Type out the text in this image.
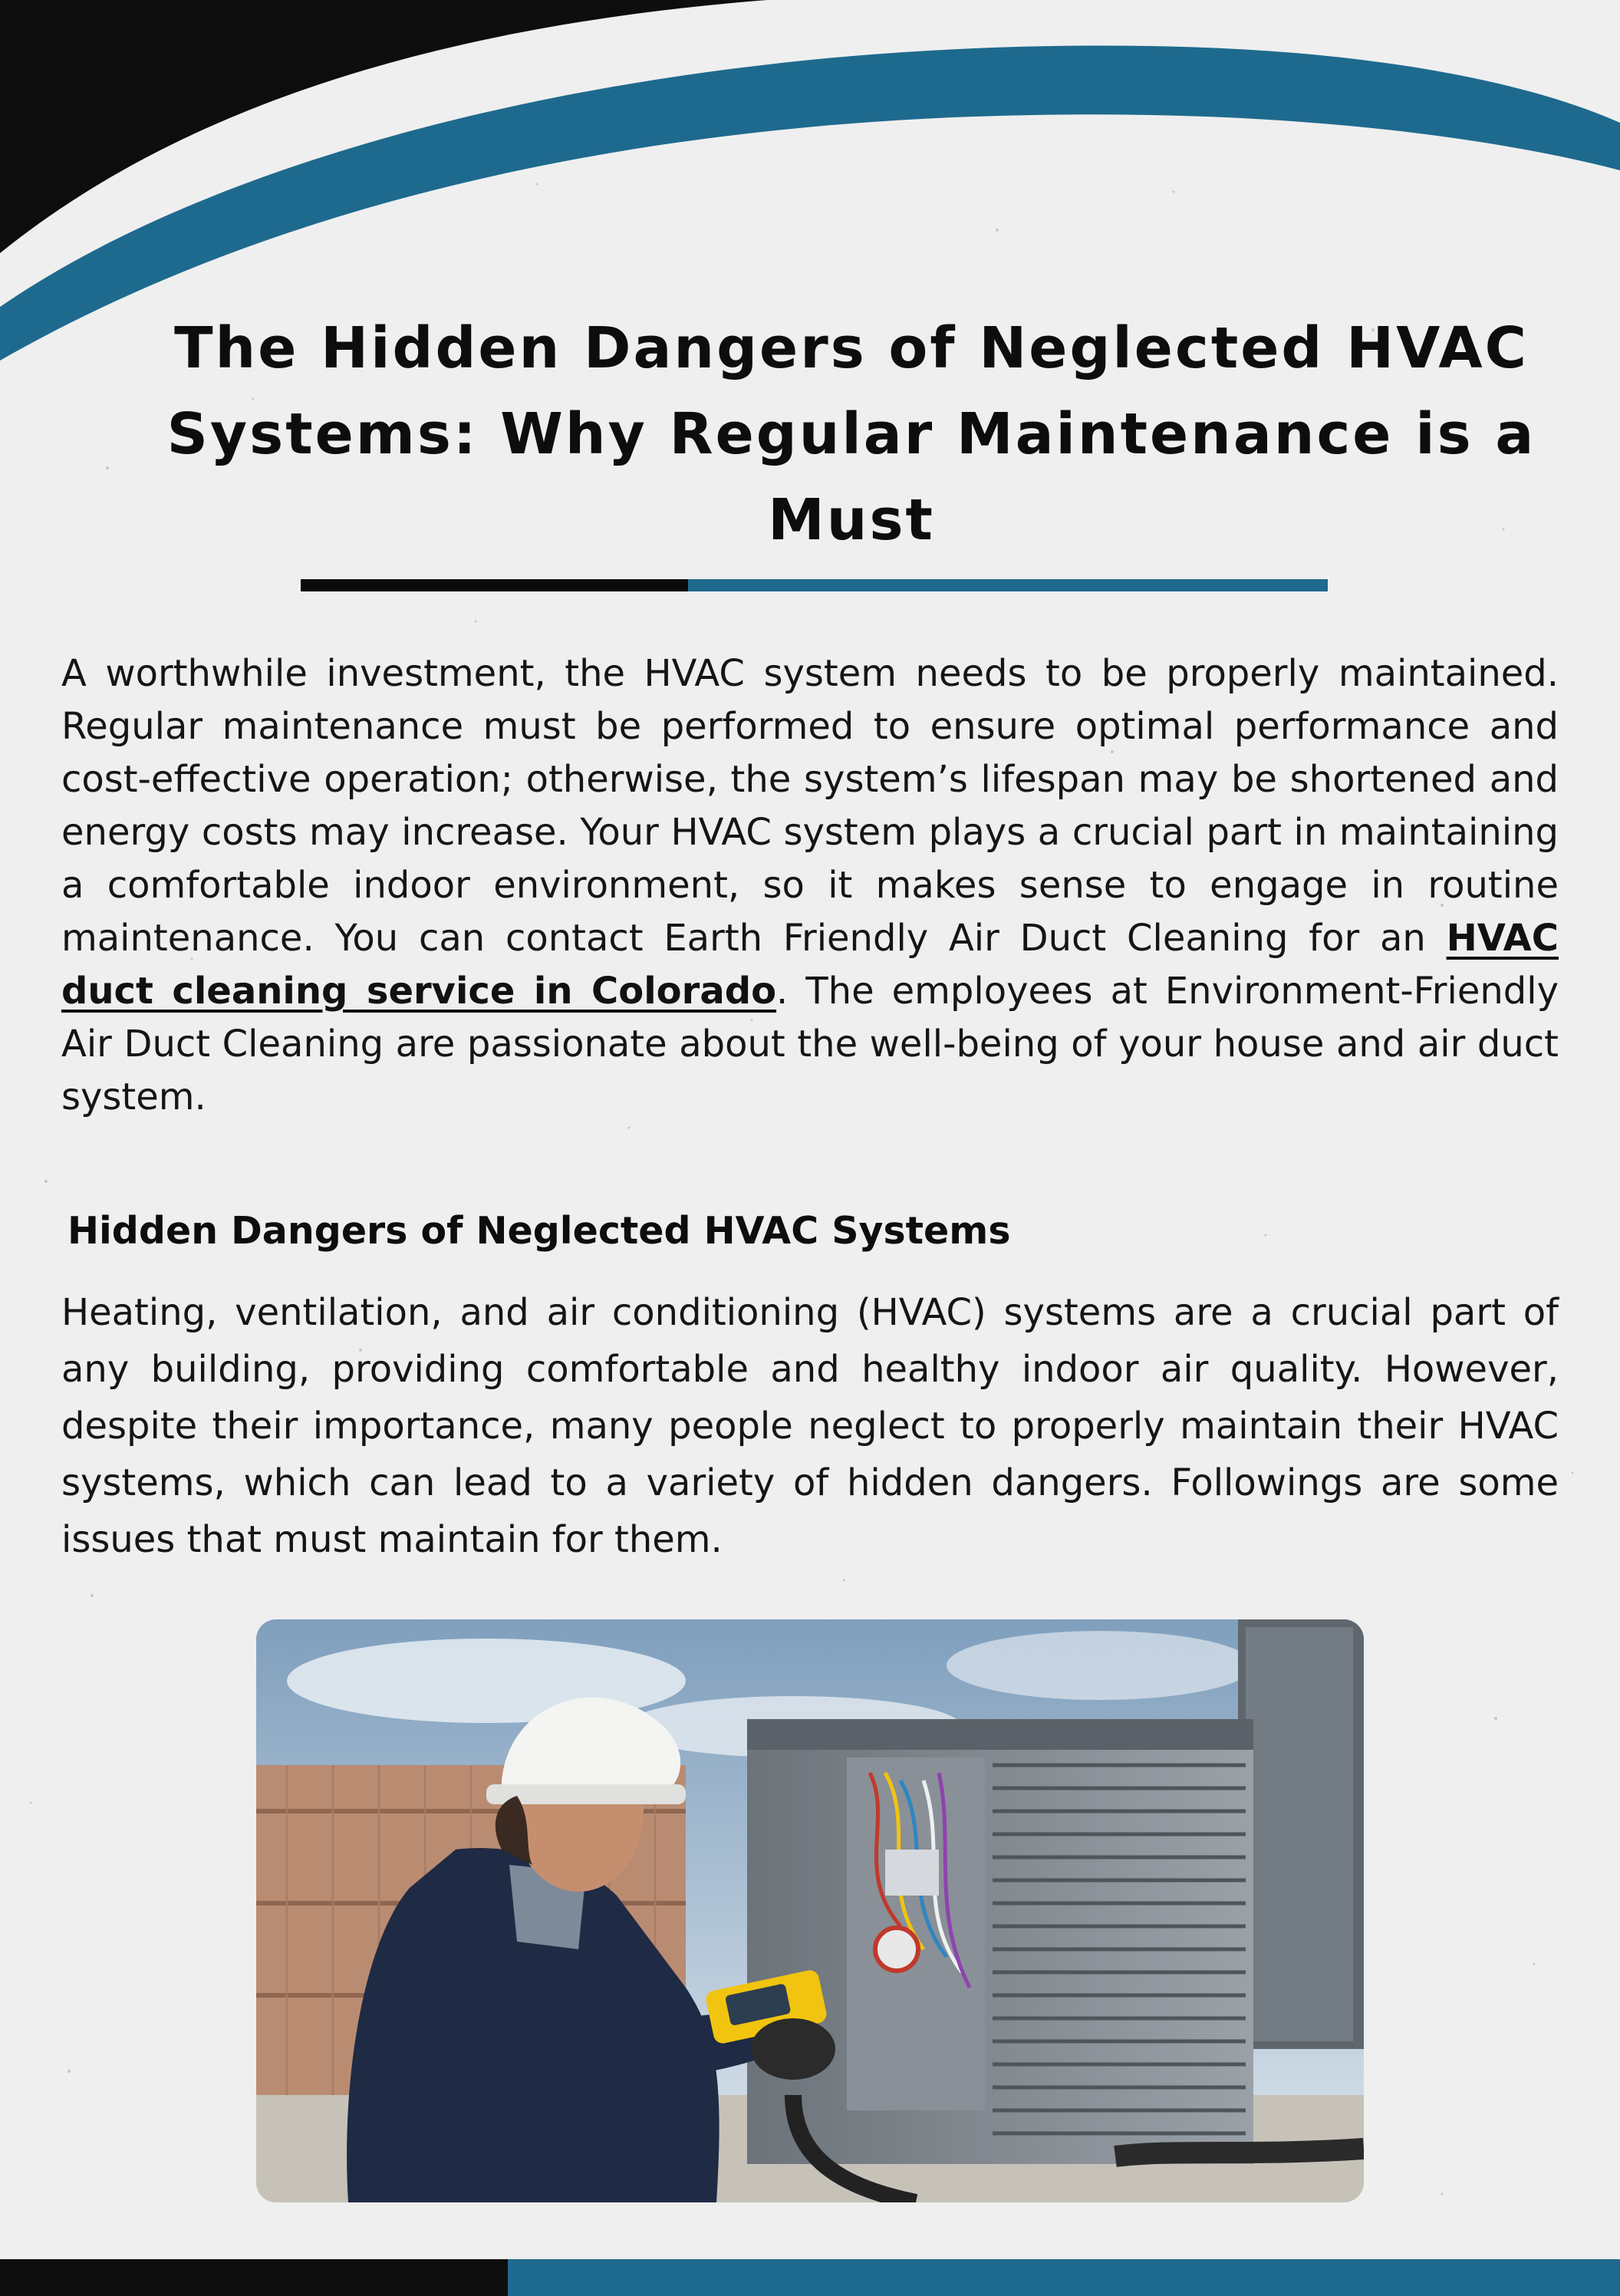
The Hidden Dangers of Neglected HVAC Systems: Why Regular Maintenance is a Must

A worthwhile investment, the HVAC system needs to be properly maintained. Regular maintenance must be performed to ensure optimal performance and cost-effective operation; otherwise, the system’s lifespan may be shortened and energy costs may increase. Your HVAC system plays a crucial part in maintaining a comfortable indoor environment, so it makes sense to engage in routine maintenance. You can contact Earth Friendly Air Duct Cleaning for an HVAC duct cleaning service in Colorado. The employees at Environment-Friendly Air Duct Cleaning are passionate about the well-being of your house and air duct system.

Hidden Dangers of Neglected HVAC Systems

Heating, ventilation, and air conditioning (HVAC) systems are a crucial part of any building, providing comfortable and healthy indoor air quality. However, despite their importance, many people neglect to properly maintain their HVAC systems, which can lead to a variety of hidden dangers. Followings are some issues that must maintain for them.
